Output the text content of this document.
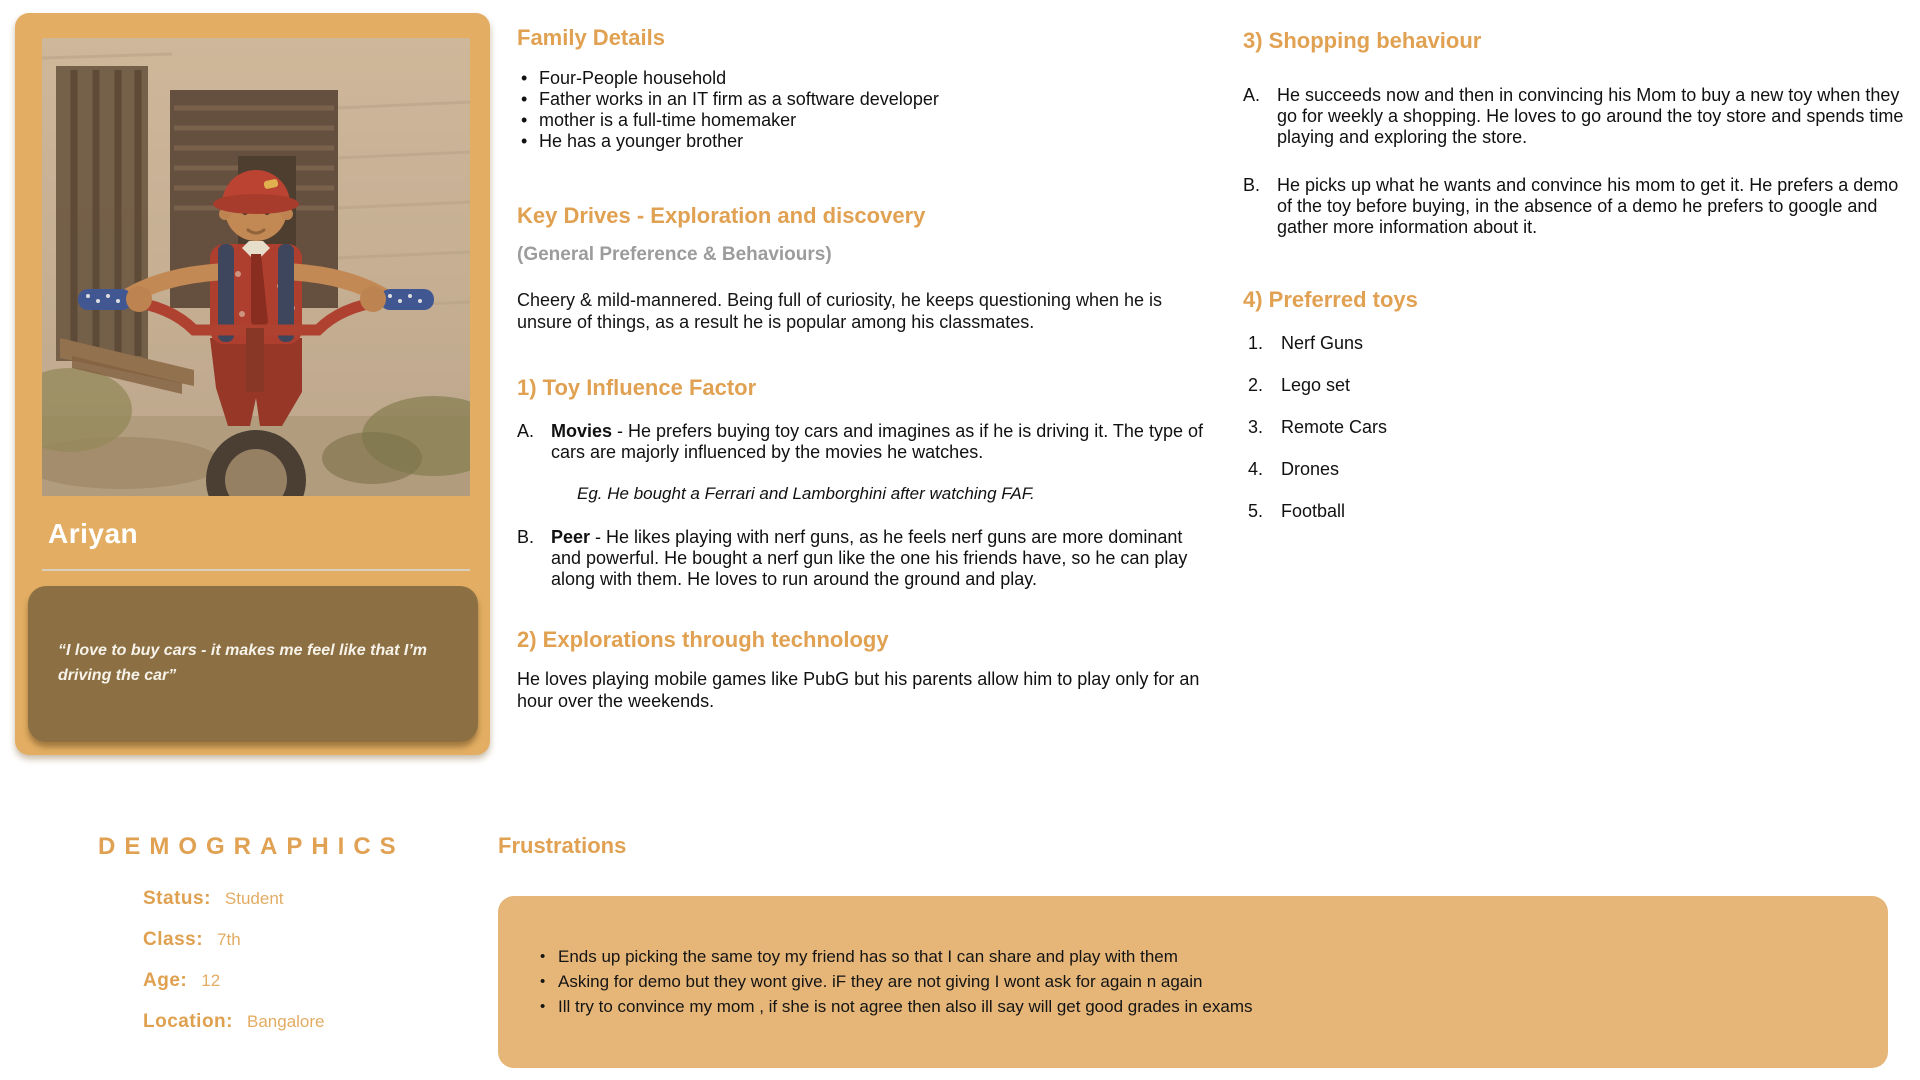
Ariyan

“I love to buy cars - it makes me feel like that I’m driving the car”

Family Details
• Four-People household
• Father works in an IT firm as a software developer
• mother is a full-time homemaker
• He has a younger brother
Key Drives - Exploration and discovery

(General Preference & Behaviours)

Cheery & mild-mannered. Being full of curiosity, he keeps questioning when he is unsure of things, as a result he is popular among his classmates.

1) Toy Influence Factor
A. Movies - He prefers buying toy cars and imagines as if he is driving it. The type of cars are majorly influenced by the movies he watches.

Eg. He bought a Ferrari and Lamborghini after watching FAF.

B. Peer - He likes playing with nerf guns, as he feels nerf guns are more dominant and powerful. He bought a nerf gun like the one his friends have, so he can play along with them. He loves to run around the ground and play.

2) Explorations through technology

He loves playing mobile games like PubG but his parents allow him to play only for an hour over the weekends.

3) Shopping behaviour
A. He succeeds now and then in convincing his Mom to buy a new toy when they go for weekly a shopping. He loves to go around the toy store and spends time playing and exploring the store.

B. He picks up what he wants and convince his mom to get it. He prefers a demo of the toy before buying, in the absence of a demo he prefers to google and gather more information about it.

4) Preferred toys
1. Nerf Guns
2. Lego set
3. Remote Cars
4. Drones
5. Football
DEMOGRAPHICS
Status: Student
Class: 7th
Age: 12
Location: Bangalore
Frustrations
• Ends up picking the same toy my friend has so that I can share and play with them
• Asking for demo but they wont give. iF they are not giving I wont ask for again n again
• Ill try to convince my mom , if she is not agree then also ill say will get good grades in exams
